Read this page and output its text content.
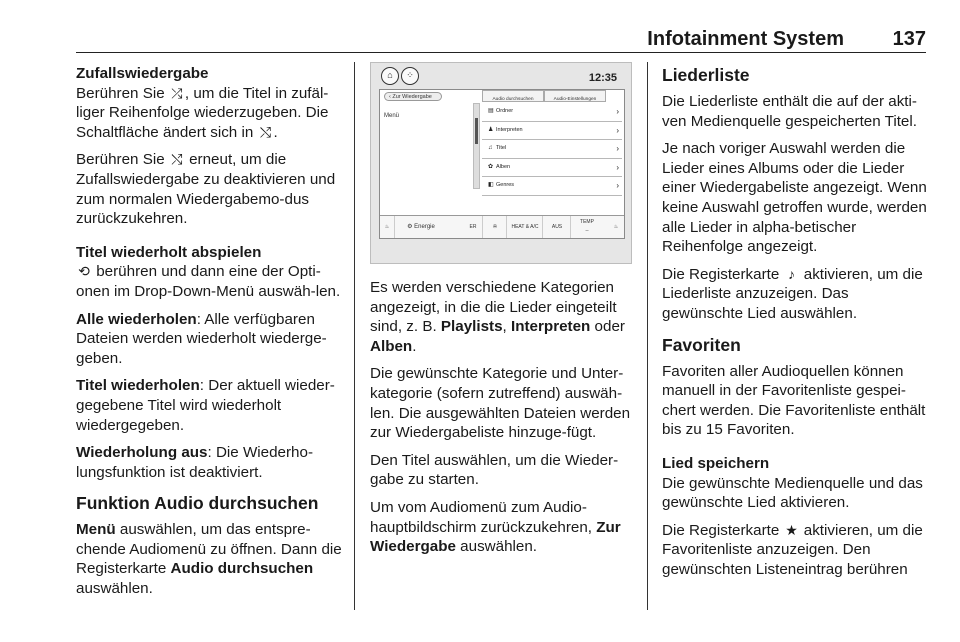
Infotainment System 137
Zufallswiedergabe

Berühren Sie ⤮ , um die Titel in zufäl-liger Reihenfolge wiederzugeben. Die Schaltfläche ändert sich in ⤭ .

Berühren Sie ⤭ erneut, um die Zufallswiedergabe zu deaktivieren und zum normalen Wiedergabemo-dus zurückzukehren.

Titel wiederholt abspielen

⟲ berühren und dann eine der Opti-onen im Drop-Down-Menü auswäh-len.

Alle wiederholen: Alle verfügbaren Dateien werden wiederholt wiederge-geben.

Titel wiederholen: Der aktuell wieder-gegebene Titel wird wiederholt wiedergegeben.

Wiederholung aus: Die Wiederho-lungsfunktion ist deaktiviert.

Funktion Audio durchsuchen

Menü auswählen, um das entspre-chende Audiomenü zu öffnen. Dann die Registerkarte Audio durchsuchen auswählen.

⌂	⁘	12:35
‹ Zur Wiedergabe
Menü
Audio durchsuchen	Audio-Einstellungen
▤ Ordner	›
♟ Interpreten	›
♫ Titel	›
✿ Alben	›
◧ Genres	›
♨	⚙ Energie	ER	✇	HEAT & A/C	AUS
TEMP
--
♨

Es werden verschiedene Kategorien angezeigt, in die die Lieder eingeteilt sind, z. B. Playlists, Interpreten oder Alben.

Die gewünschte Kategorie und Unter-kategorie (sofern zutreffend) auswäh-len. Die ausgewählten Dateien werden zur Wiedergabeliste hinzuge-fügt.

Den Titel auswählen, um die Wieder-gabe zu starten.

Um vom Audiomenü zum Audio-hauptbildschirm zurückzukehren, Zur Wiedergabe auswählen.

Liederliste

Die Liederliste enthält die auf der akti-ven Medienquelle gespeicherten Titel.

Je nach voriger Auswahl werden die Lieder eines Albums oder die Lieder einer Wiedergabeliste angezeigt. Wenn keine Auswahl getroffen wurde, werden alle Lieder in alpha-betischer Reihenfolge angezeigt.

Die Registerkarte ♪ aktivieren, um die Liederliste anzuzeigen. Das gewünschte Lied auswählen.

Favoriten

Favoriten aller Audioquellen können manuell in der Favoritenliste gespei-chert werden. Die Favoritenliste enthält bis zu 15 Favoriten.

Lied speichern

Die gewünschte Medienquelle und das gewünschte Lied aktivieren.

Die Registerkarte ★ aktivieren, um die Favoritenliste anzuzeigen. Den gewünschten Listeneintrag berühren
